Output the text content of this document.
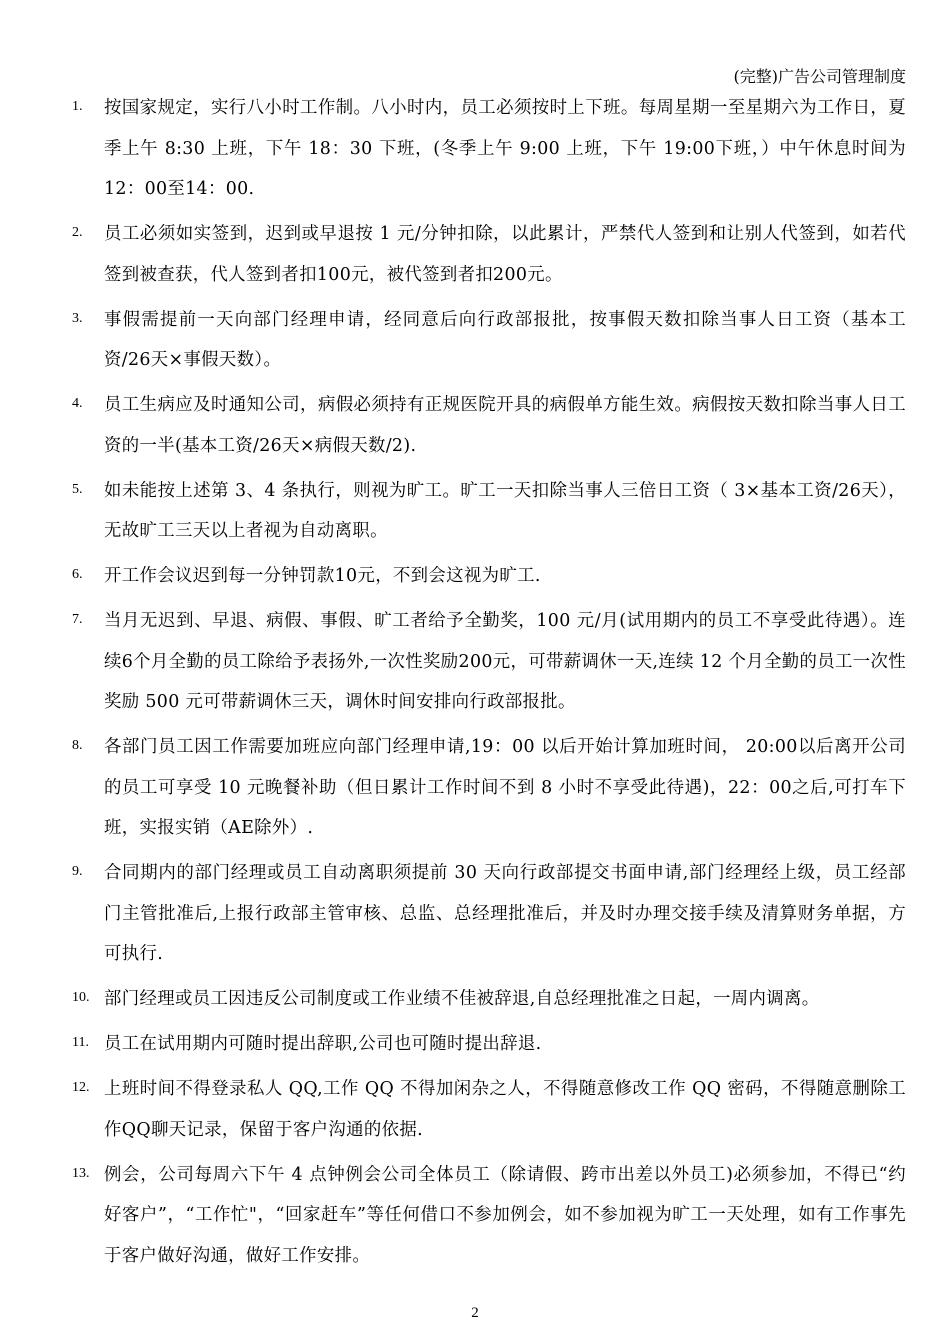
(完整)广告公司管理制度
1. 按国家规定，实行八小时工作制。八小时内，员工必须按时上下班。每周星期一至星期六为工作日，夏季上午 8:30 上班，下午 18：30 下班，(冬季上午 9:00 上班，下午 19:00下班，）中午休息时间为12：00至14：00.
2. 员工必须如实签到，迟到或早退按 1 元/分钟扣除，以此累计，严禁代人签到和让别人代签到，如若代签到被查获，代人签到者扣100元，被代签到者扣200元。
3. 事假需提前一天向部门经理申请，经同意后向行政部报批，按事假天数扣除当事人日工资（基本工资/26天×事假天数）。
4. 员工生病应及时通知公司，病假必须持有正规医院开具的病假单方能生效。病假按天数扣除当事人日工资的一半(基本工资/26天×病假天数/2).
5. 如未能按上述第 3、4 条执行，则视为旷工。旷工一天扣除当事人三倍日工资（ 3×基本工资/26天），无故旷工三天以上者视为自动离职。
6. 开工作会议迟到每一分钟罚款10元，不到会这视为旷工.
7. 当月无迟到、早退、病假、事假、旷工者给予全勤奖，100 元/月(试用期内的员工不享受此待遇）。连续6个月全勤的员工除给予表扬外,一次性奖励200元，可带薪调休一天,连续 12 个月全勤的员工一次性奖励 500 元可带薪调休三天，调休时间安排向行政部报批。
8. 各部门员工因工作需要加班应向部门经理申请,19：00 以后开始计算加班时间， 20:00以后离开公司的员工可享受 10 元晚餐补助（但日累计工作时间不到 8 小时不享受此待遇)，22：00之后,可打车下班，实报实销（AE除外）.
9. 合同期内的部门经理或员工自动离职须提前 30 天向行政部提交书面申请,部门经理经上级，员工经部门主管批准后,上报行政部主管审核、总监、总经理批准后，并及时办理交接手续及清算财务单据，方可执行.
10. 部门经理或员工因违反公司制度或工作业绩不佳被辞退,自总经理批准之日起，一周内调离。
11. 员工在试用期内可随时提出辞职,公司也可随时提出辞退.
12. 上班时间不得登录私人 QQ,工作 QQ 不得加闲杂之人，不得随意修改工作 QQ 密码，不得随意删除工作QQ聊天记录，保留于客户沟通的依据.
13. 例会，公司每周六下午 4 点钟例会公司全体员工（除请假、跨市出差以外员工)必须参加，不得已“约好客户”，“工作忙"，“回家赶车”等任何借口不参加例会，如不参加视为旷工一天处理，如有工作事先于客户做好沟通，做好工作安排。
2
